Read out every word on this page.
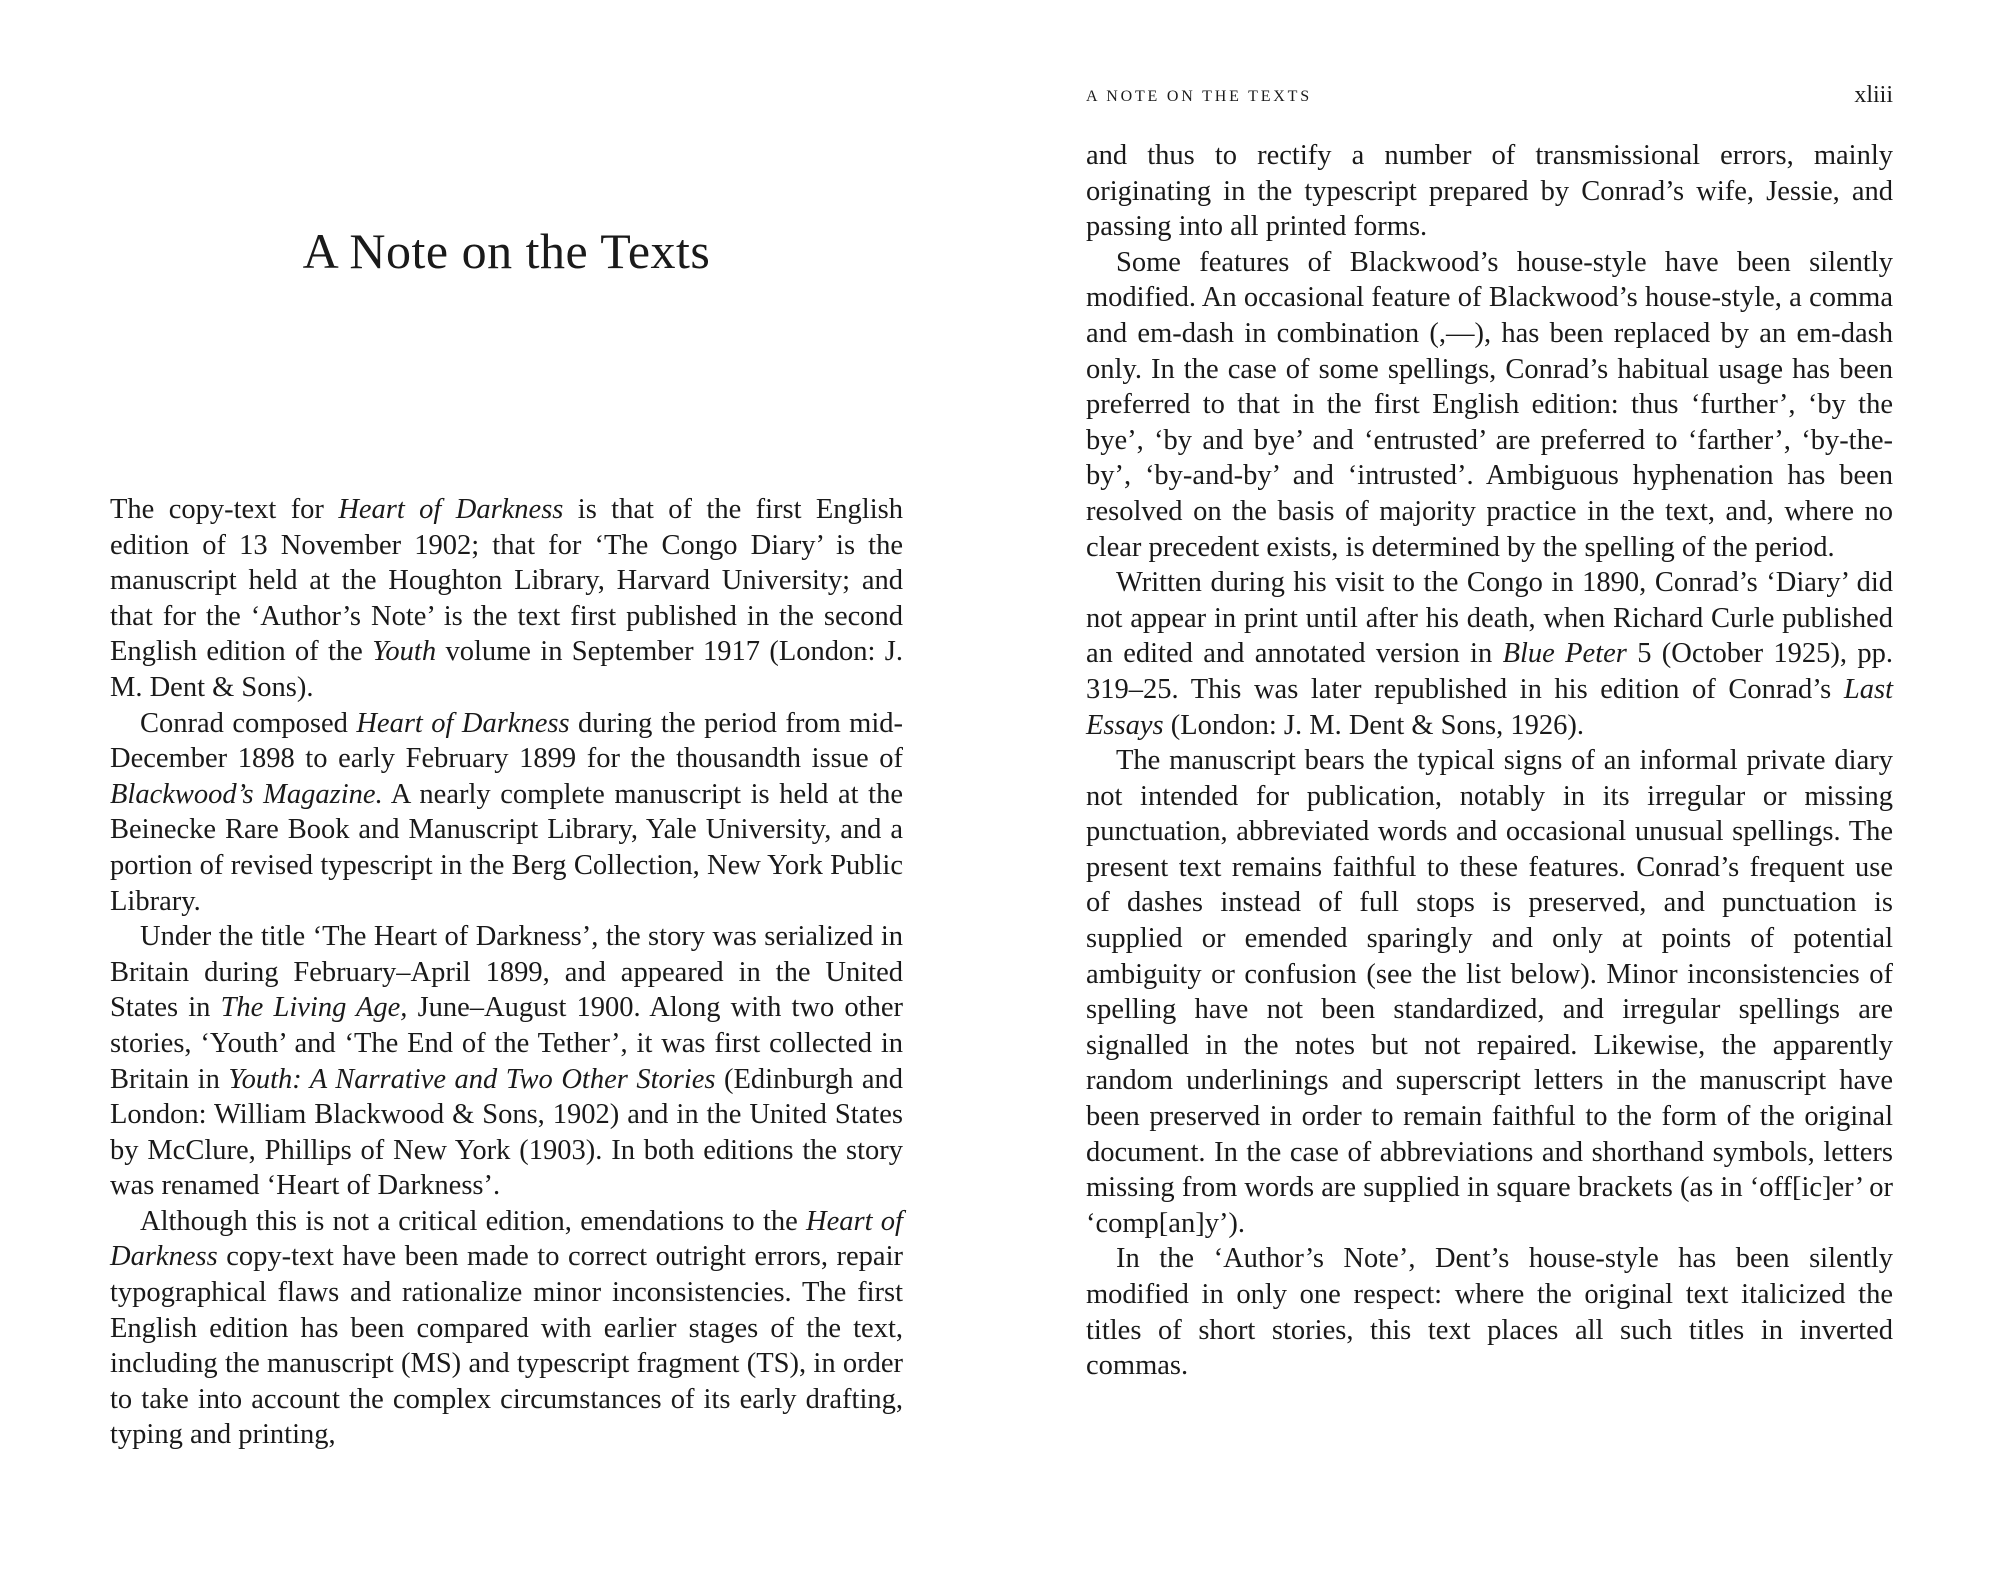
A Note on the Texts

The copy-text for Heart of Darkness is that of the first English edition of 13 November 1902; that for ‘The Congo Diary’ is the manuscript held at the Houghton Library, Harvard University; and that for the ‘Author’s Note’ is the text first published in the second English edition of the Youth volume in September 1917 (London: J. M. Dent & Sons).

Conrad composed Heart of Darkness during the period from mid-December 1898 to early February 1899 for the thousandth issue of Blackwood’s Magazine. A nearly complete manuscript is held at the Beinecke Rare Book and Manuscript Library, Yale University, and a portion of revised typescript in the Berg Collection, New York Public Library.

Under the title ‘The Heart of Darkness’, the story was serialized in Britain during February–April 1899, and appeared in the United States in The Living Age, June–August 1900. Along with two other stories, ‘Youth’ and ‘The End of the Tether’, it was first collected in Britain in Youth: A Narrative and Two Other Stories (Edinburgh and London: William Blackwood & Sons, 1902) and in the United States by McClure, Phillips of New York (1903). In both editions the story was renamed ‘Heart of Darkness’.

Although this is not a critical edition, emendations to the Heart of Darkness copy-text have been made to correct outright errors, repair typographical flaws and rationalize minor inconsistencies. The first English edition has been compared with earlier stages of the text, including the manuscript (MS) and typescript fragment (TS), in order to take into account the complex circumstances of its early drafting, typing and printing,

A NOTE ON THE TEXTS	xliii

and thus to rectify a number of transmissional errors, mainly originating in the typescript prepared by Conrad’s wife, Jessie, and passing into all printed forms.

Some features of Blackwood’s house-style have been silently modified. An occasional feature of Blackwood’s house-style, a comma and em-dash in combination (,—), has been replaced by an em-dash only. In the case of some spellings, Conrad’s habitual usage has been preferred to that in the first English edition: thus ‘further’, ‘by the bye’, ‘by and bye’ and ‘entrusted’ are preferred to ‘farther’, ‘by-the-by’, ‘by-and-by’ and ‘intrusted’. Ambiguous hyphenation has been resolved on the basis of majority practice in the text, and, where no clear precedent exists, is determined by the spelling of the period.

Written during his visit to the Congo in 1890, Conrad’s ‘Diary’ did not appear in print until after his death, when Richard Curle published an edited and annotated version in Blue Peter 5 (October 1925), pp. 319–25. This was later republished in his edition of Conrad’s Last Essays (London: J. M. Dent & Sons, 1926).

The manuscript bears the typical signs of an informal private diary not intended for publication, notably in its irregular or missing punctuation, abbreviated words and occasional unusual spellings. The present text remains faithful to these features. Conrad’s frequent use of dashes instead of full stops is preserved, and punctuation is supplied or emended sparingly and only at points of potential ambiguity or confusion (see the list below). Minor inconsistencies of spelling have not been standardized, and irregular spellings are signalled in the notes but not repaired. Likewise, the apparently random underlinings and superscript letters in the manuscript have been preserved in order to remain faithful to the form of the original document. In the case of abbreviations and shorthand symbols, letters missing from words are supplied in square brackets (as in ‘off[ic]er’ or ‘comp[an]y’).

In the ‘Author’s Note’, Dent’s house-style has been silently modified in only one respect: where the original text italicized the titles of short stories, this text places all such titles in inverted commas.
